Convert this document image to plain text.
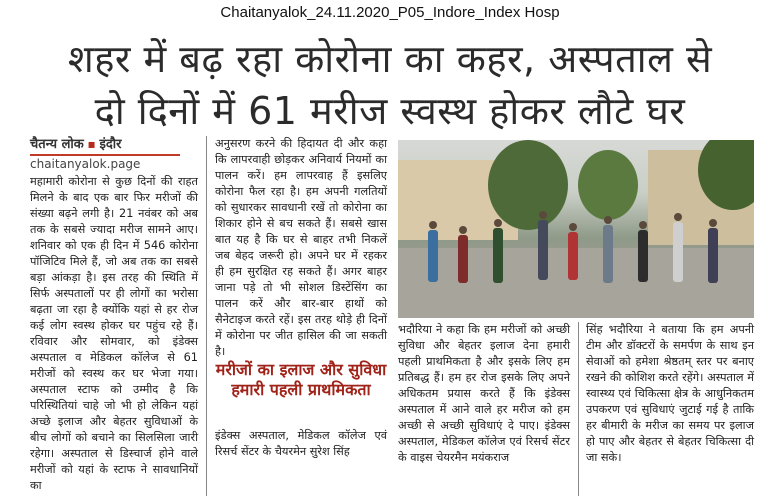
Chaitanyalok_24.11.2020_P05_Indore_Index Hosp
शहर में बढ़ रहा कोरोना का कहर, अस्पताल से
दो दिनों में 61 मरीज स्वस्थ होकर लौटे घर
चैतन्य लोक ▪ इंदौर
chaitanyalok.page

महामारी कोरोना से कुछ दिनों की राहत मिलने के बाद एक बार फिर मरीजों की संख्या बढ़ने लगी है। 21 नवंबर को अब तक के सबसे ज्यादा मरीज सामने आए। शनिवार को एक ही दिन में 546 कोरोना पॉजिटिव मिले हैं, जो अब तक का सबसे बड़ा आंकड़ा है। इस तरह की स्थिति में सिर्फ अस्पतालों पर ही लोगों का भरोसा बढ़ता जा रहा है क्योंकि यहां से हर रोज कई लोग स्वस्थ होकर घर पहुंच रहे हैं। रविवार और सोमवार, को इंडेक्स अस्पताल व मेडिकल कॉलेज से 61 मरीजों को स्वस्थ कर घर भेजा गया। अस्पताल स्टाफ को उम्मीद है कि परिस्थितियां चाहे जो भी हो लेकिन यहां अच्छे इलाज और बेहतर सुविधाओं के बीच लोगों को बचाने का सिलसिला जारी रहेगा। अस्पताल से डिस्चार्ज होने वाले मरीजों को यहां के स्टाफ ने सावधानियों का

अनुसरण करने की हिदायत दी और कहा कि लापरवाही छोड़कर अनिवार्य नियमों का पालन करें। हम लापरवाह हैं इसलिए कोरोना फैल रहा है। हम अपनी गलतियों को सुधारकर सावधानी रखें तो कोरोना का शिकार होने से बच सकते हैं। सबसे खास बात यह है कि घर से बाहर तभी निकलें जब बेहद जरूरी हो। अपने घर में रहकर ही हम सुरक्षित रह सकते हैं। अगर बाहर जाना पड़े तो भी सोशल डिस्टेंसिंग का पालन करें और बार-बार हाथों को सैनेटाइज करते रहें। इस तरह थोड़े ही दिनों में कोरोना पर जीत हासिल की जा सकती है।

मरीजों का इलाज और सुविधा हमारी पहली प्राथमिकता

इंडेक्स अस्पताल, मेडिकल कॉलेज एवं रिसर्च सेंटर के चैयरमेन सुरेश सिंह

भदौरिया ने कहा कि हम मरीजों को अच्छी सुविधा और बेहतर इलाज देना हमारी पहली प्राथमिकता है और इसके लिए हम प्रतिबद्ध हैं। हम हर रोज इसके लिए अपने अधिकतम प्रयास करते हैं कि इंडेक्स अस्पताल में आने वाले हर मरीज को हम अच्छी से अच्छी सुविधाएं दे पाए। इंडेक्स अस्पताल, मेडिकल कॉलेज एवं रिसर्च सेंटर के वाइस चेयरमैन मयंकराज

सिंह भदौरिया ने बताया कि हम अपनी टीम और डॉक्टरों के समर्पण के साथ इन सेवाओं को हमेशा श्रेष्ठतम् स्तर पर बनाए रखने की कोशिश करते रहेंगे। अस्पताल में स्वास्थ्य एवं चिकित्सा क्षेत्र के आधुनिकतम उपकरण एवं सुविधाएं जुटाई गई है ताकि हर बीमारी के मरीज का समय पर इलाज हो पाए और बेहतर से बेहतर चिकित्सा दी जा सके।
